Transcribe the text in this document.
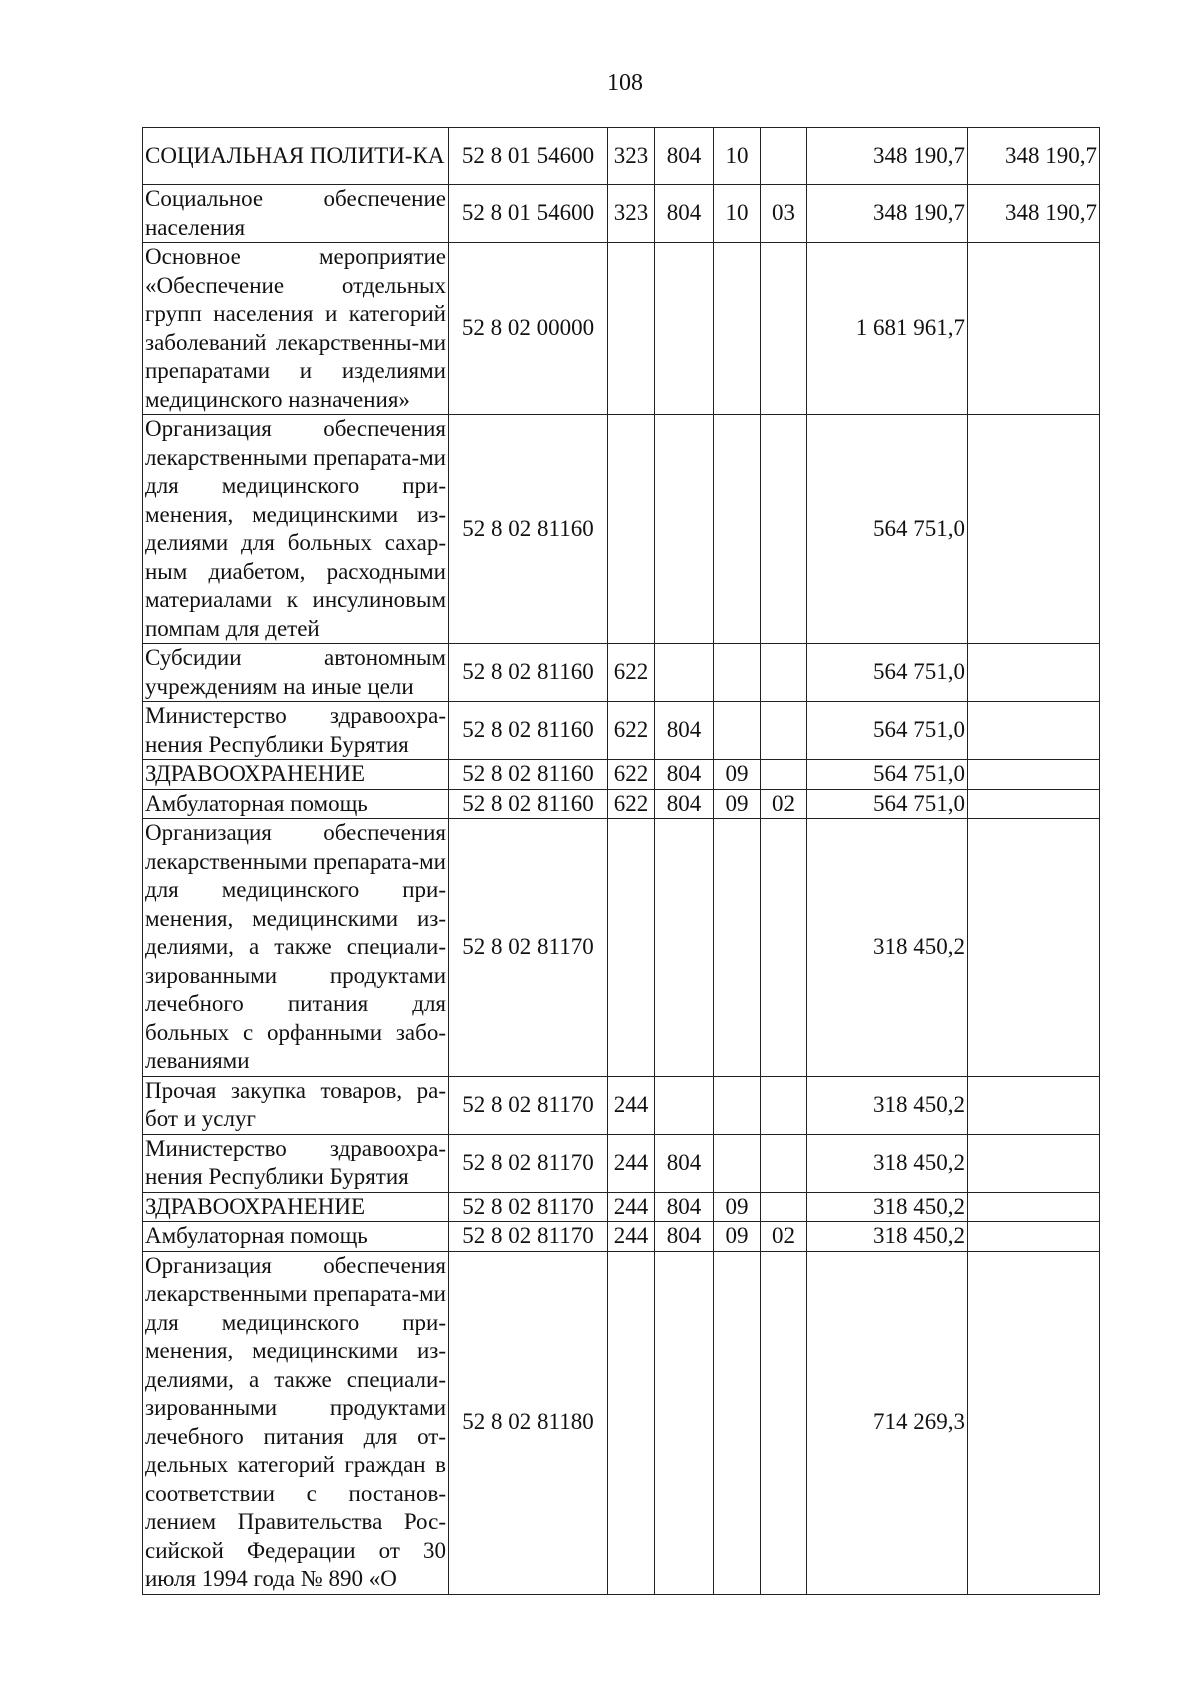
108
СОЦИАЛЬНАЯ ПОЛИТИ-КА	52 8 01 54600	323	804	10		348 190,7	348 190,7
Социальное обеспечение населения	52 8 01 54600	323	804	10	03	348 190,7	348 190,7
Основное мероприятие «Обеспечение отдельных групп населения и категорий заболеваний лекарственны-ми препаратами и изделиями медицинского назначения»	52 8 02 00000					1 681 961,7	
Организация обеспечения лекарственными препарата-ми для медицинского при-менения, медицинскими из-делиями для больных сахар-ным диабетом, расходными материалами к инсулиновым помпам для детей	52 8 02 81160					564 751,0	
Субсидии автономным учреждениям на иные цели	52 8 02 81160	622				564 751,0	
Министерство здравоохра-нения Республики Бурятия	52 8 02 81160	622	804			564 751,0	
ЗДРАВООХРАНЕНИЕ	52 8 02 81160	622	804	09		564 751,0	
Амбулаторная помощь	52 8 02 81160	622	804	09	02	564 751,0	
Организация обеспечения лекарственными препарата-ми для медицинского при-менения, медицинскими из-делиями, а также специали-зированными продуктами лечебного питания для больных с орфанными забо-леваниями	52 8 02 81170					318 450,2	
Прочая закупка товаров, ра-бот и услуг	52 8 02 81170	244				318 450,2	
Министерство здравоохра-нения Республики Бурятия	52 8 02 81170	244	804			318 450,2	
ЗДРАВООХРАНЕНИЕ	52 8 02 81170	244	804	09		318 450,2	
Амбулаторная помощь	52 8 02 81170	244	804	09	02	318 450,2	
Организация обеспечения лекарственными препарата-ми для медицинского при-менения, медицинскими из-делиями, а также специали-зированными продуктами лечебного питания для от-дельных категорий граждан в соответствии с постанов-лением Правительства Рос-сийской Федерации от 30 июля 1994 года № 890 «О	52 8 02 81180					714 269,3	
